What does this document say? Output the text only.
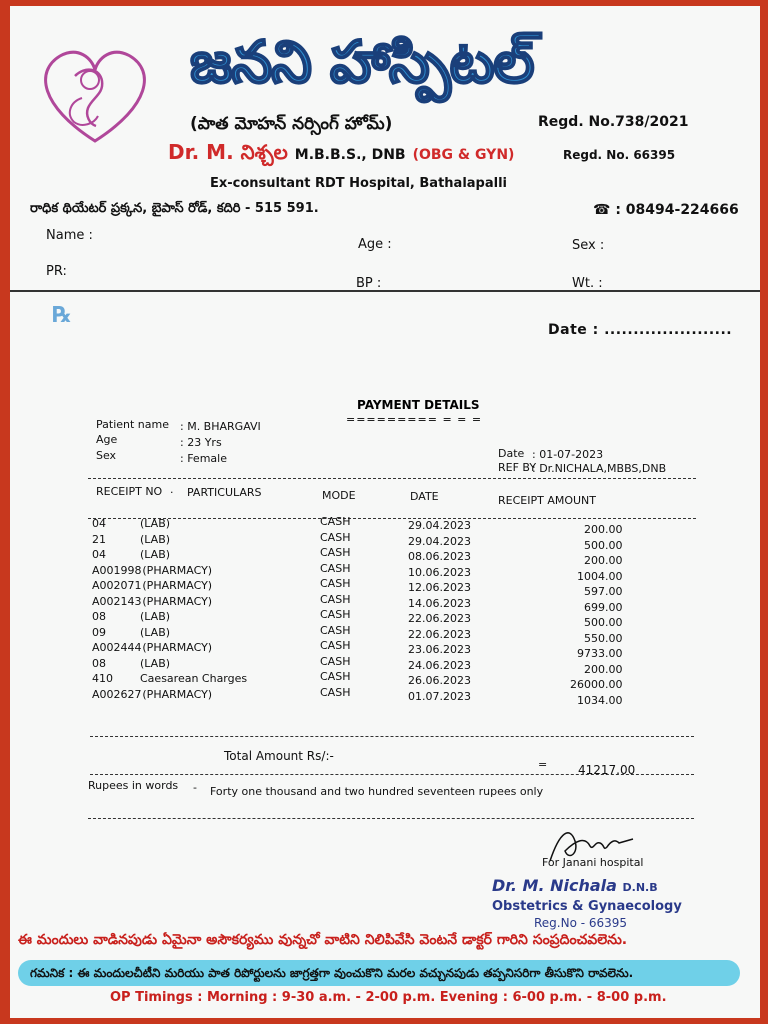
జనని హాస్పిటల్
(పాత మోహన్ నర్సింగ్ హోమ్)	Regd. No.738/2021
Dr. M. నిశ్చల M.B.B.S., DNB (OBG & GYN)	Regd. No. 66395
Ex-consultant RDT Hospital, Bathalapalli
రాధిక థియేటర్ ప్రక్కన, బైపాస్ రోడ్, కదిరి - 515 591.	☎ : 08494-224666
Name :
Age :	Sex :
PR:
BP :	Wt. :
℞
Date : ......................
PAYMENT DETAILS
========= = = =
Patient name : M. BHARGAVI
Age	: 23 Yrs
Sex	: Female	Date : 01-07-2023
REF BY
: Dr.NICHALA,MBBS,DNB
RECEIPT NO · PARTICULARS	MODE	DATE	RECEIPT AMOUNT
04	(LAB)	CASH	29.04.2023	200.00
21	(LAB)	CASH	29.04.2023	500.00
04	(LAB)	CASH	08.06.2023	200.00
A001998 (PHARMACY)	CASH	10.06.2023	1004.00
A002071 (PHARMACY)	CASH	12.06.2023	597.00
A002143 (PHARMACY)	CASH	14.06.2023	699.00
08	(LAB)	CASH	22.06.2023	500.00
09	(LAB)	CASH	22.06.2023	550.00
A002444 (PHARMACY)	CASH	23.06.2023	9733.00
08	(LAB)	CASH	24.06.2023	200.00
410 Caesarean Charges	CASH	26.06.2023	26000.00
A002627 (PHARMACY)	CASH	01.07.2023	1034.00
Total Amount Rs/:-
=	41217.00
Rupees in words - Forty one thousand and two hundred seventeen rupees only
For Janani hospital
Dr. M. Nichala D.N.B
Obstetrics & Gynaecology
Reg.No - 66395
ఈ మందులు వాడినపుడు ఏమైనా అసౌకర్యము వున్నచో వాటిని నిలిపివేసి వెంటనే డాక్టర్ గారిని సంప్రదించవలెను.
గమనిక : ఈ మందులచీటీని మరియు పాత రిపోర్టులను జాగ్రత్తగా వుంచుకొని మరల వచ్చునపుడు తప్పనిసరిగా తీసుకొని రావలెను.
OP Timings : Morning : 9-30 a.m. - 2-00 p.m. Evening : 6-00 p.m. - 8-00 p.m.
